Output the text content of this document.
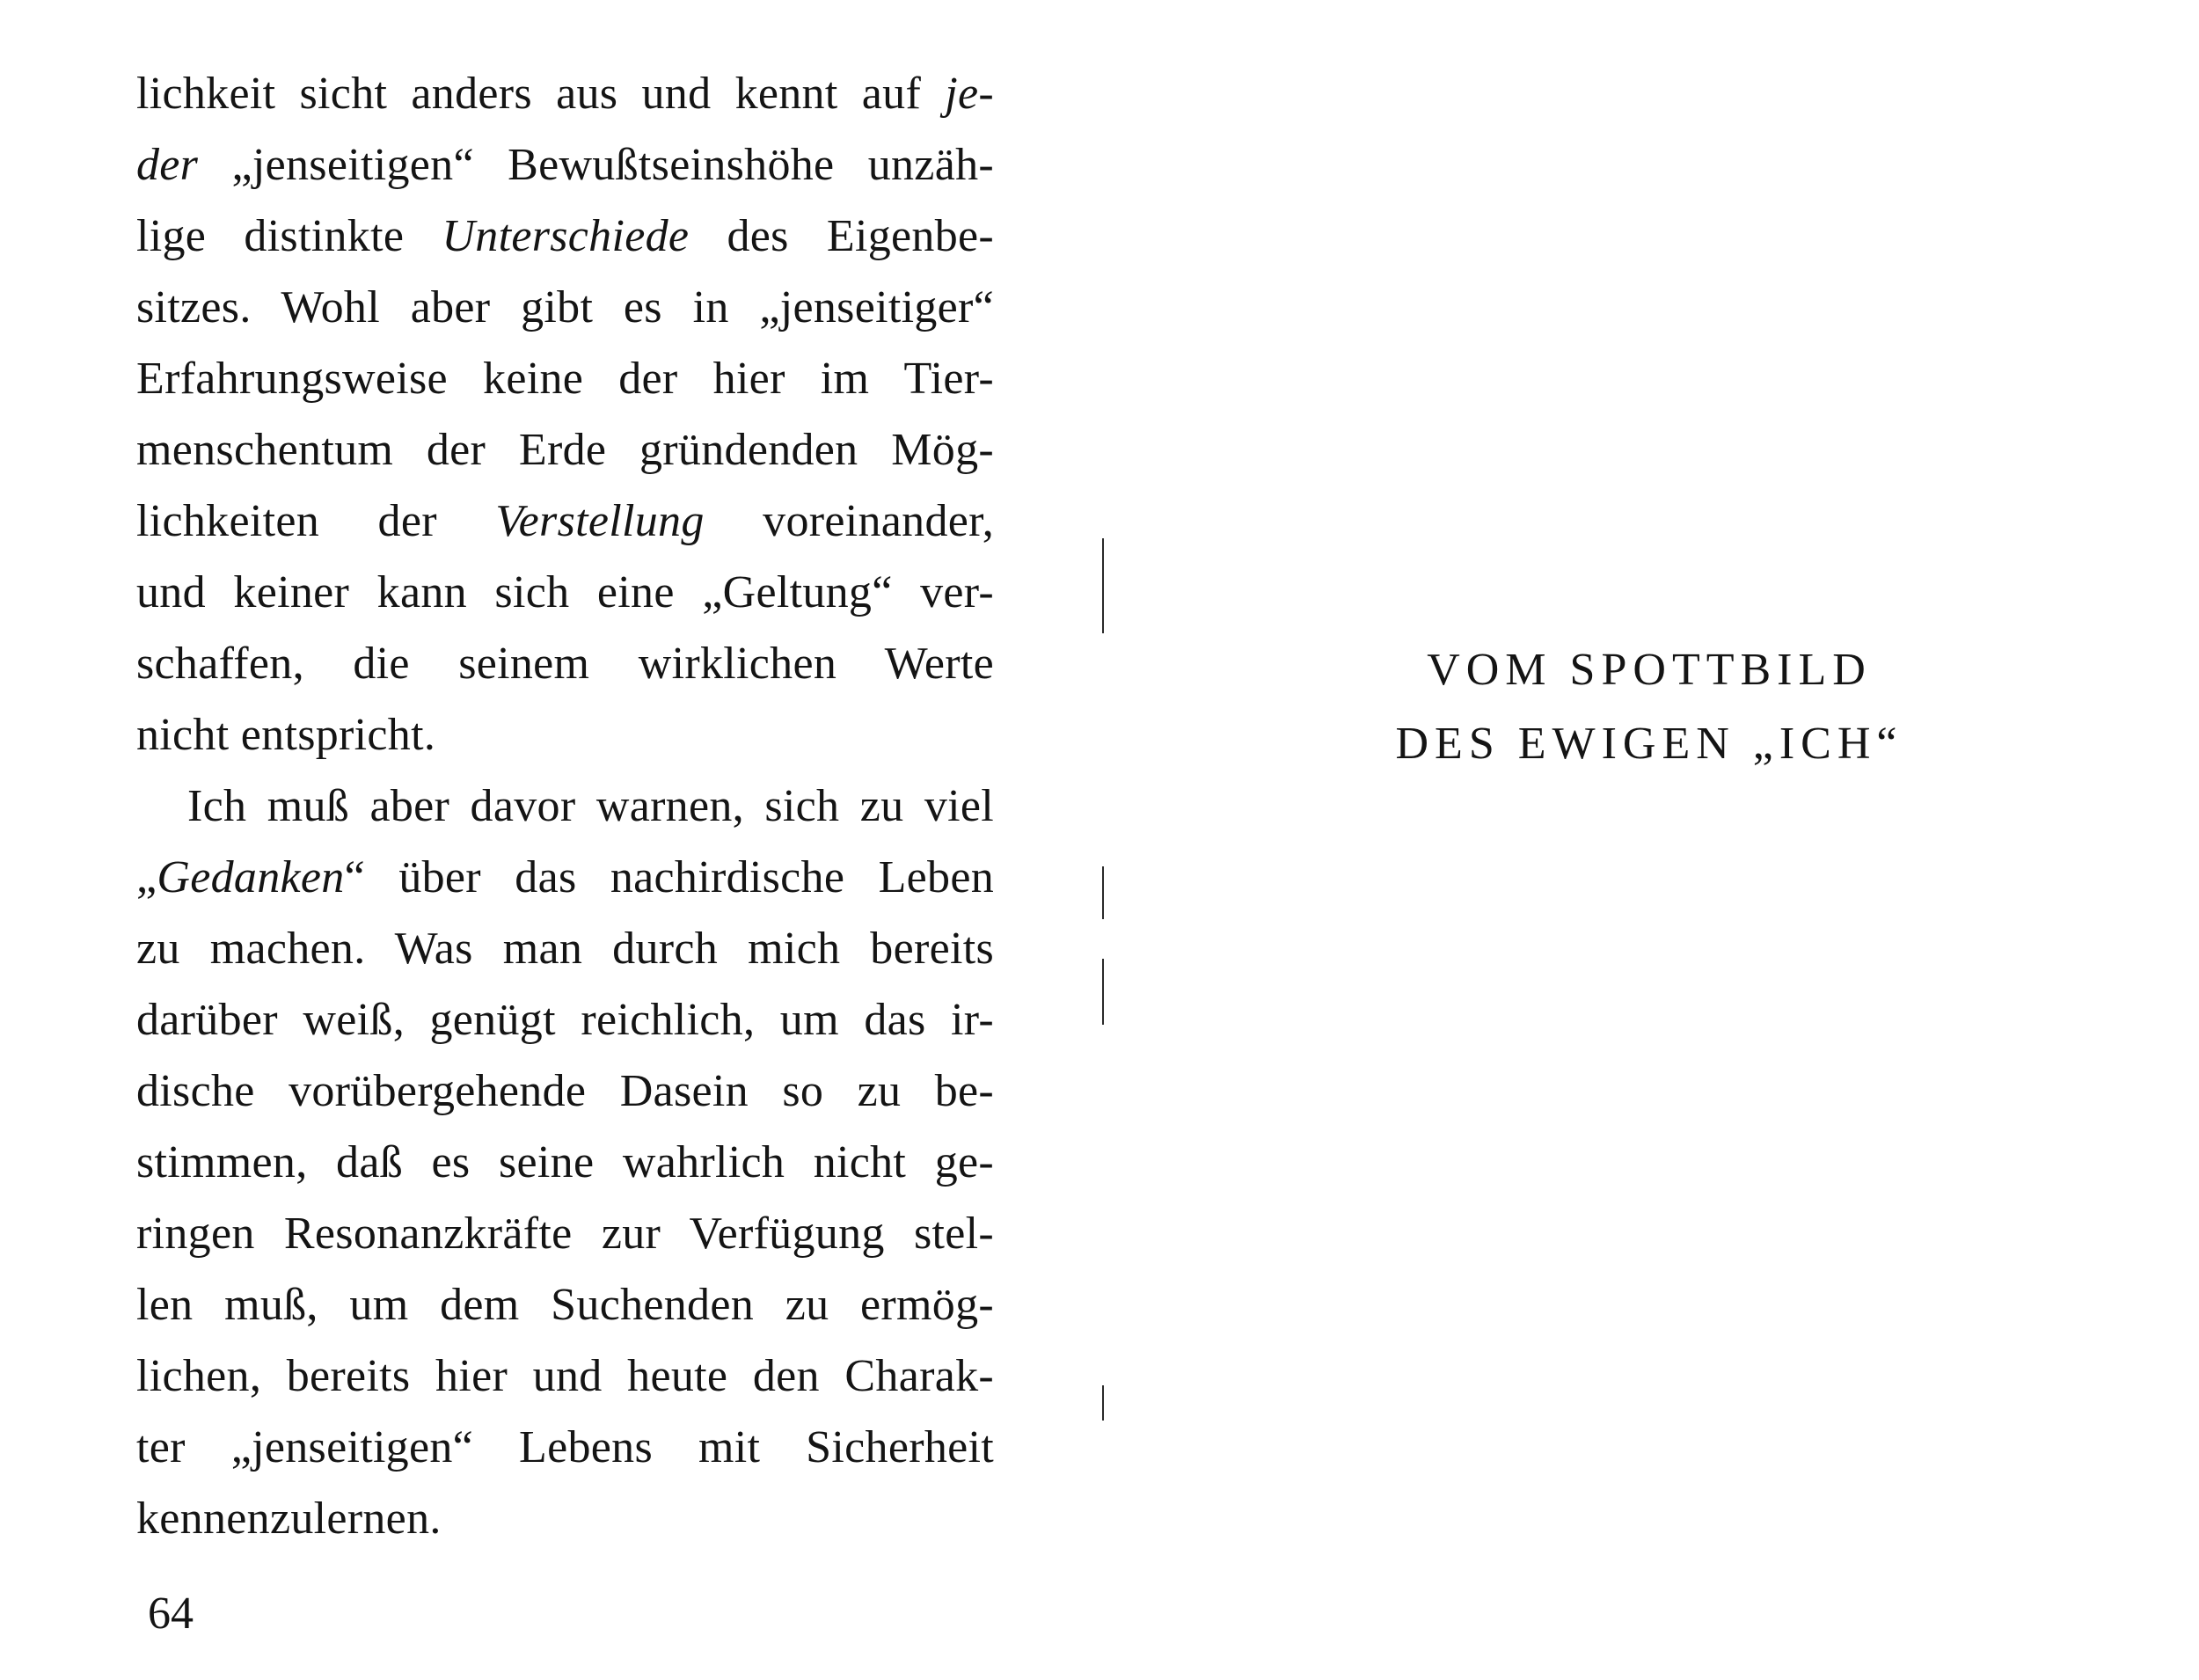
lichkeit sicht anders aus und kennt auf je-
der „jenseitigen“ Bewußtseinshöhe unzäh-
lige distinkte Unterschiede des Eigenbe-
sitzes. Wohl aber gibt es in „jenseitiger“
Erfahrungsweise keine der hier im Tier-
menschentum der Erde gründenden Mög-
lichkeiten der Verstellung voreinander,
und keiner kann sich eine „Geltung“ ver-
schaffen, die seinem wirklichen Werte
nicht entspricht.
Ich muß aber davor warnen, sich zu viel
„Gedanken“ über das nachirdische Leben
zu machen. Was man durch mich bereits
darüber weiß, genügt reichlich, um das ir-
dische vorübergehende Dasein so zu be-
stimmen, daß es seine wahrlich nicht ge-
ringen Resonanzkräfte zur Verfügung stel-
len muß, um dem Suchenden zu ermög-
lichen, bereits hier und heute den Charak-
ter „jenseitigen“ Lebens mit Sicherheit
kennenzulernen.
64
VOM SPOTTBILD
DES EWIGEN „ICH“
